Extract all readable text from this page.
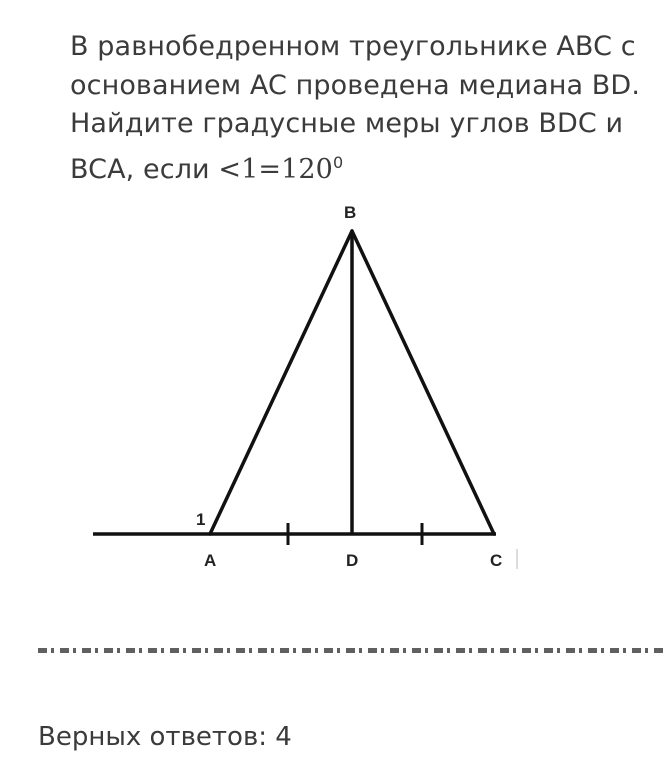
В равнобедренном треугольнике ABC с
основанием AC проведена медиана BD.
Найдите градусные меры углов BDC и
BCA, если $<1=120^0$
B
A	D	C
1
Верных ответов: 4
